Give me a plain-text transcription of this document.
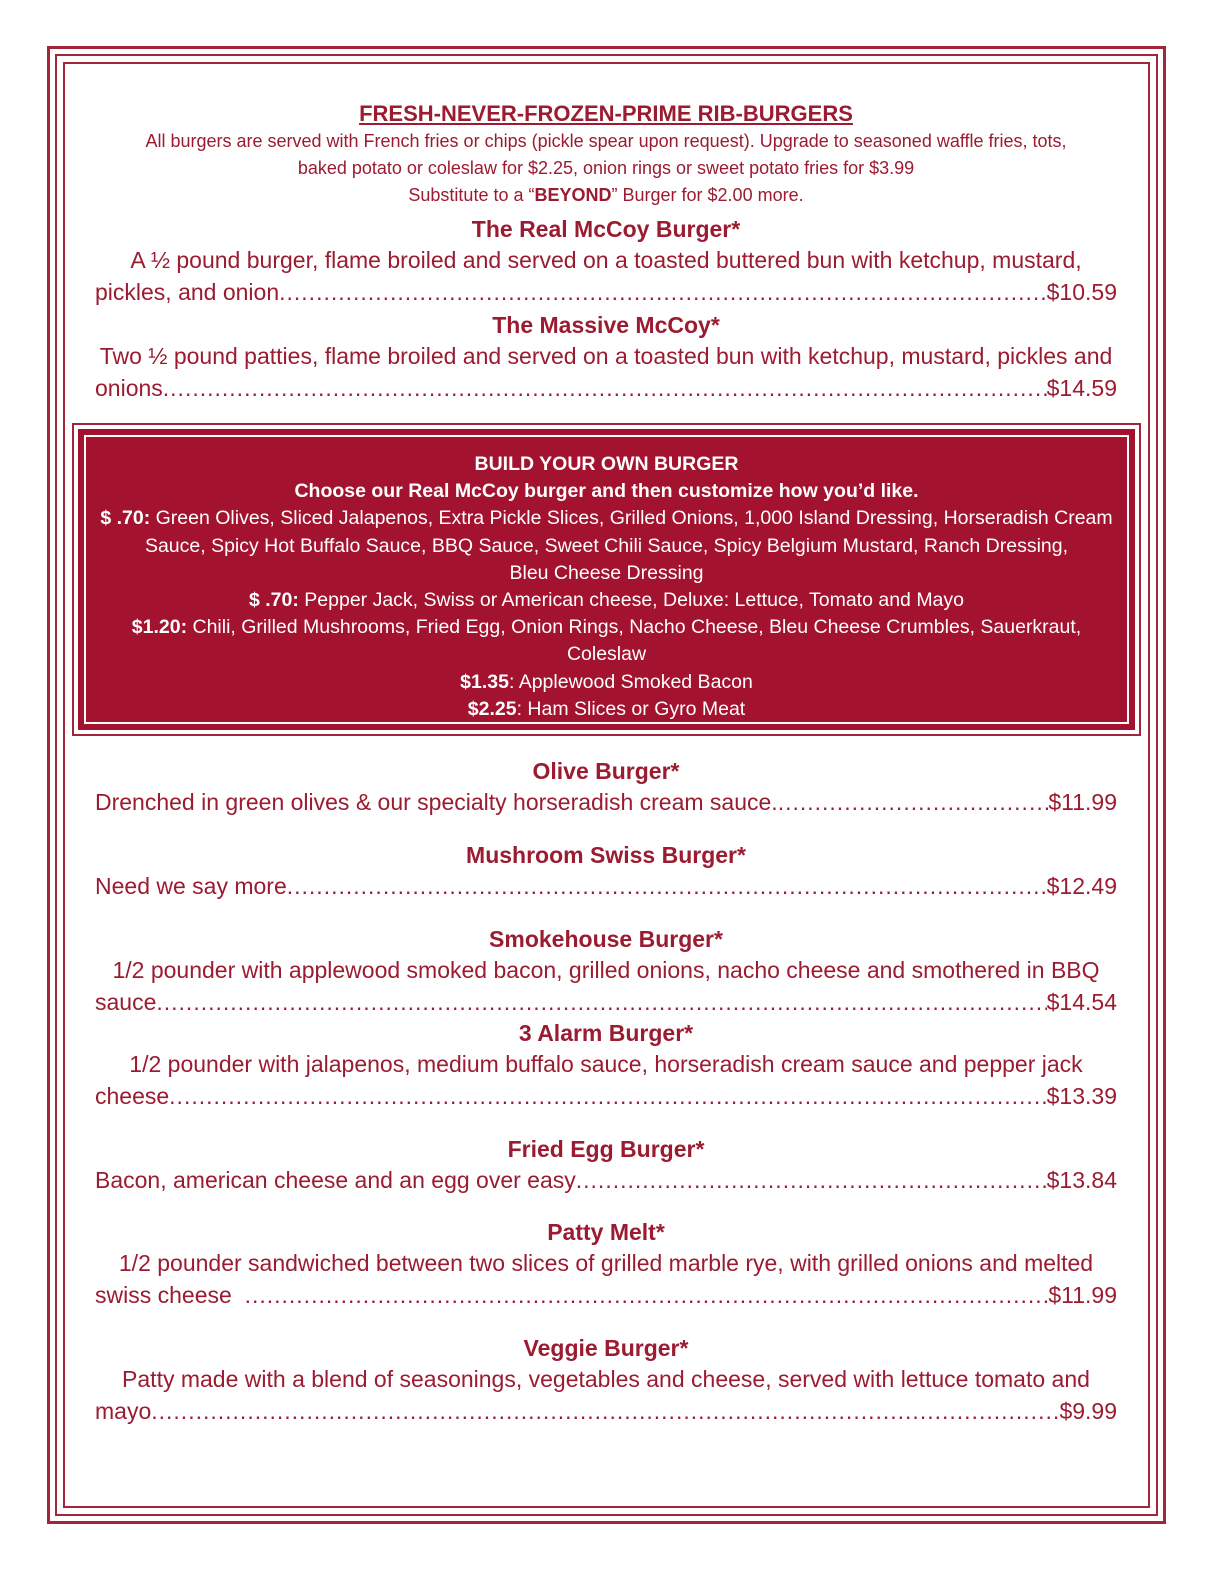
FRESH-NEVER-FROZEN-PRIME RIB-BURGERS

All burgers are served with French fries or chips (pickle spear upon request). Upgrade to seasoned waffle fries, tots,

baked potato or coleslaw for $2.25, onion rings or sweet potato fries for $3.99

Substitute to a “BEYOND” Burger for $2.00 more.

The Real McCoy Burger*

A ½ pound burger, flame broiled and served on a toasted buttered bun with ketchup, mustard,

pickles, and onion .....	$10.59

The Massive McCoy*

Two ½ pound patties, flame broiled and served on a toasted bun with ketchup, mustard, pickles and

onions .....	$14.59

Olive Burger*

Drenched in green olives & our specialty horseradish cream sauce. .....	$11.99

Mushroom Swiss Burger*

Need we say more .....	$12.49

Smokehouse Burger*

1/2 pounder with applewood smoked bacon, grilled onions, nacho cheese and smothered in BBQ

sauce .....	$14.54

3 Alarm Burger*

1/2 pounder with jalapenos, medium buffalo sauce, horseradish cream sauce and pepper jack

cheese .....	$13.39

Fried Egg Burger*

Bacon, american cheese and an egg over easy .....	$13.84

Patty Melt*

1/2 pounder sandwiched between two slices of grilled marble rye, with grilled onions and melted

swiss cheese .....	$11.99

Veggie Burger*

Patty made with a blend of seasonings, vegetables and cheese, served with lettuce tomato and

mayo .....	$9.99

BUILD YOUR OWN BURGER

Choose our Real McCoy burger and then customize how you’d like.

$ .70: Green Olives, Sliced Jalapenos, Extra Pickle Slices, Grilled Onions, 1,000 Island Dressing, Horseradish Cream

Sauce, Spicy Hot Buffalo Sauce, BBQ Sauce, Sweet Chili Sauce, Spicy Belgium Mustard, Ranch Dressing,

Bleu Cheese Dressing

$ .70: Pepper Jack, Swiss or American cheese, Deluxe: Lettuce, Tomato and Mayo

$1.20: Chili, Grilled Mushrooms, Fried Egg, Onion Rings, Nacho Cheese, Bleu Cheese Crumbles, Sauerkraut,

Coleslaw

$1.35: Applewood Smoked Bacon

$2.25: Ham Slices or Gyro Meat
